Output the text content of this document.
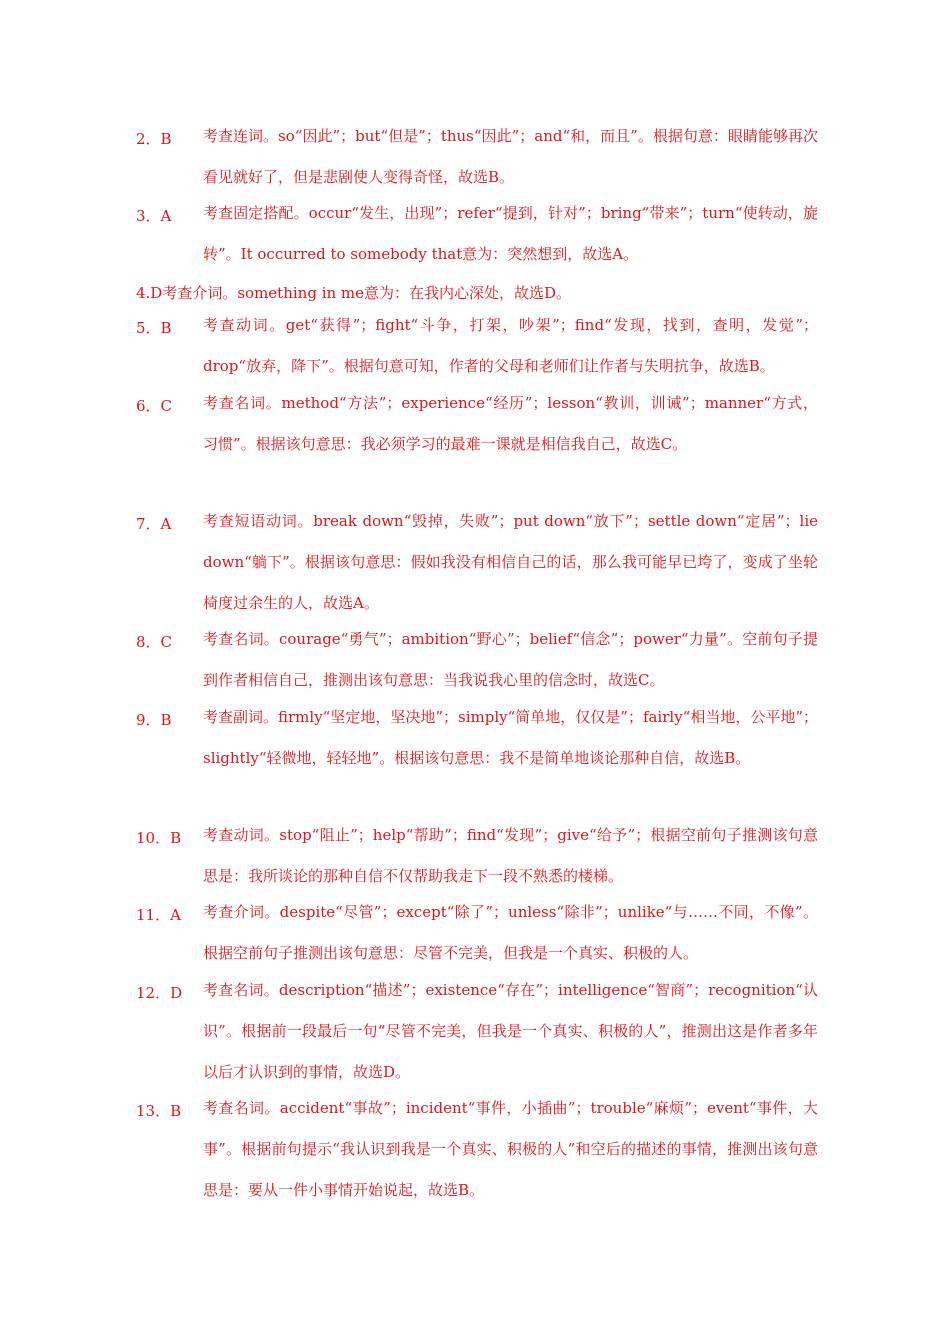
2．B	考查连词。so“因此”；but“但是”；thus“因此”；and“和，而且”。根据句意：眼睛能够再次看见就好了，但是悲剧使人变得奇怪，故选B。
3．A	考查固定搭配。occur“发生，出现”；refer“提到，针对”；bring“带来”；turn“使转动，旋转”。It occurred to somebody that意为：突然想到，故选A。
4.D考查介词。something in me意为：在我内心深处，故选D。
5．B	考查动词。get“获得”；fight“斗争，打架，吵架”；find“发现，找到，查明，发觉”；drop“放弃，降下”。根据句意可知，作者的父母和老师们让作者与失明抗争，故选B。
6．C	考查名词。method“方法”；experience“经历”；lesson“教训，训诫”；manner“方式，习惯”。根据该句意思：我必须学习的最难一课就是相信我自己，故选C。
7．A	考查短语动词。break down“毁掉，失败”；put down“放下”；settle down“定居”；lie down“躺下”。根据该句意思：假如我没有相信自己的话，那么我可能早已垮了，变成了坐轮椅度过余生的人，故选A。
8．C	考查名词。courage“勇气”；ambition“野心”；belief“信念”；power“力量”。空前句子提到作者相信自己，推测出该句意思：当我说我心里的信念时，故选C。
9．B	考查副词。firmly“坚定地，坚决地”；simply“简单地，仅仅是”；fairly“相当地，公平地”；slightly“轻微地，轻轻地”。根据该句意思：我不是简单地谈论那种自信，故选B。
10．B	考查动词。stop“阻止”；help“帮助”；find“发现”；give“给予”；根据空前句子推测该句意思是：我所谈论的那种自信不仅帮助我走下一段不熟悉的楼梯。
11．A	考查介词。despite“尽管”；except“除了”；unless“除非”；unlike“与……不同，不像”。根据空前句子推测出该句意思：尽管不完美，但我是一个真实、积极的人。
12．D	考查名词。description“描述”；existence“存在”；intelligence“智商”；recognition“认识”。根据前一段最后一句“尽管不完美，但我是一个真实、积极的人”，推测出这是作者多年以后才认识到的事情，故选D。
13．B	考查名词。accident“事故”；incident“事件，小插曲”；trouble“麻烦”；event“事件，大事”。根据前句提示“我认识到我是一个真实、积极的人”和空后的描述的事情，推测出该句意思是：要从一件小事情开始说起，故选B。
